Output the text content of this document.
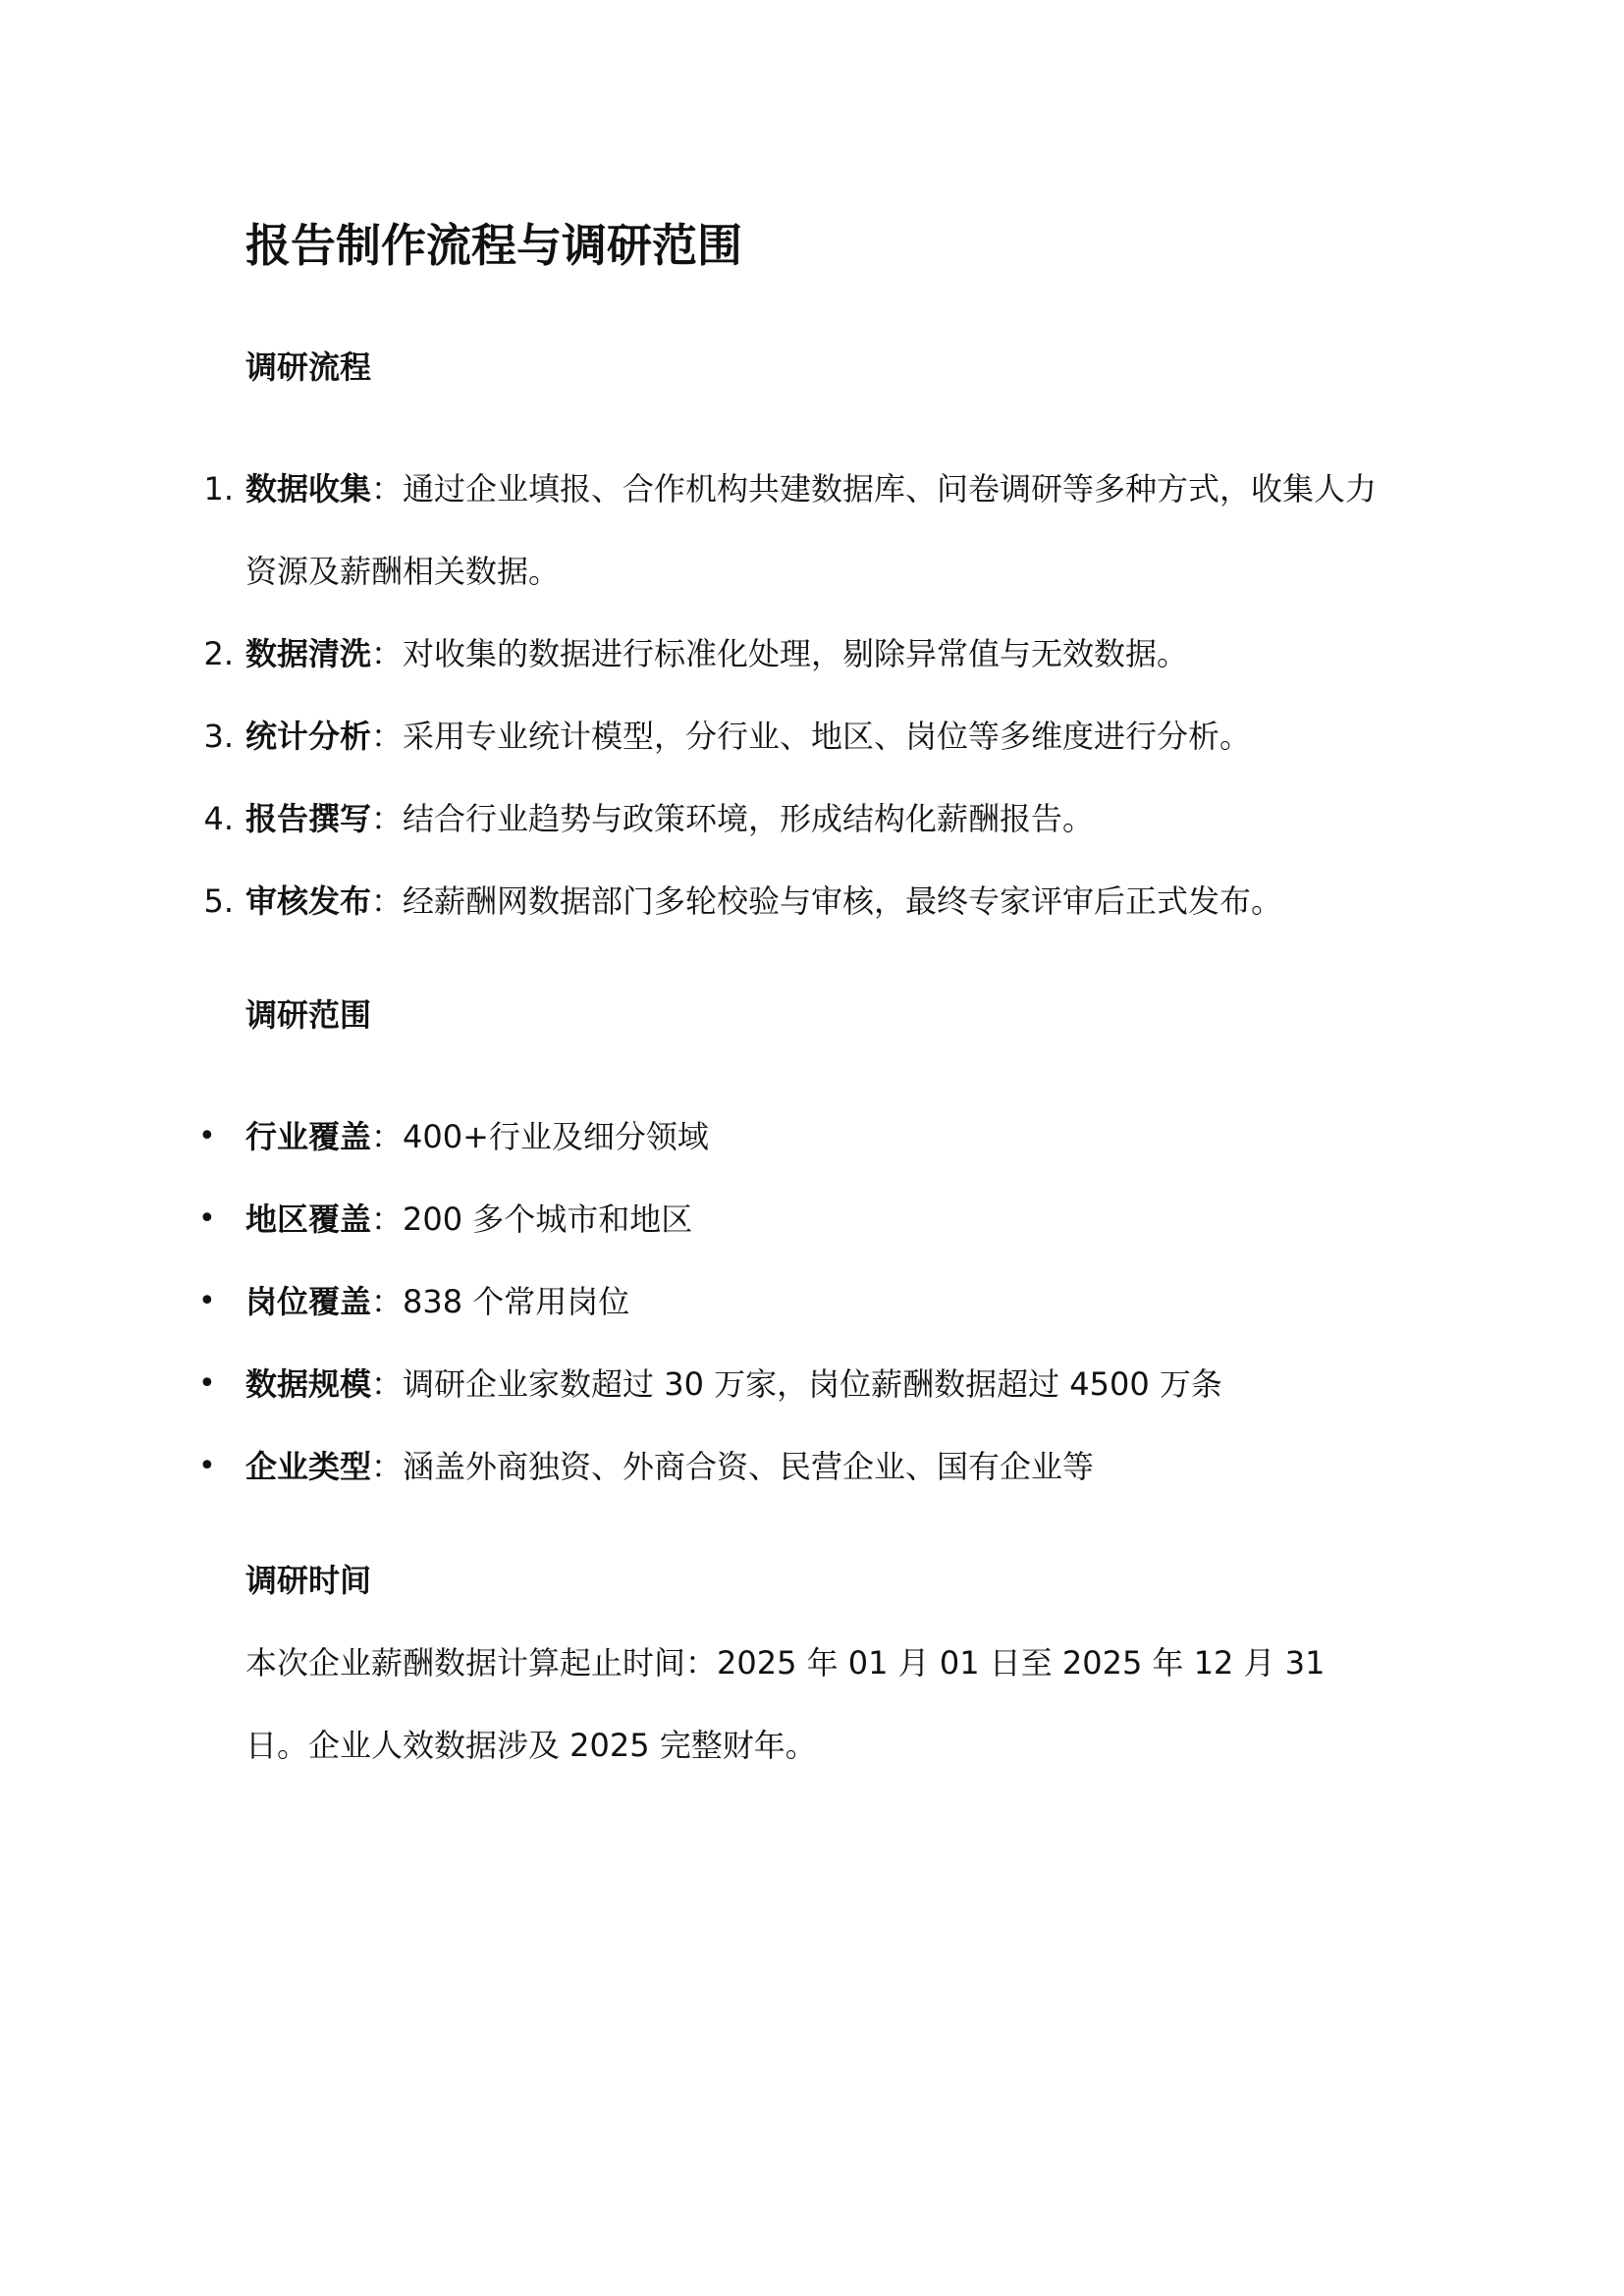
报告制作流程与调研范围
调研流程
1. 数据收集：通过企业填报、合作机构共建数据库、问卷调研等多种方式，收集人力资源及薪酬相关数据。
2. 数据清洗：对收集的数据进行标准化处理，剔除异常值与无效数据。
3. 统计分析：采用专业统计模型，分行业、地区、岗位等多维度进行分析。
4. 报告撰写：结合行业趋势与政策环境，形成结构化薪酬报告。
5. 审核发布：经薪酬网数据部门多轮校验与审核，最终专家评审后正式发布。
调研范围
• 行业覆盖：400+行业及细分领域
• 地区覆盖：200 多个城市和地区
• 岗位覆盖：838 个常用岗位
• 数据规模：调研企业家数超过 30 万家，岗位薪酬数据超过 4500 万条
• 企业类型：涵盖外商独资、外商合资、民营企业、国有企业等
调研时间
本次企业薪酬数据计算起止时间：2025 年 01 月 01 日至 2025 年 12 月 31 日。企业人效数据涉及 2025 完整财年。
